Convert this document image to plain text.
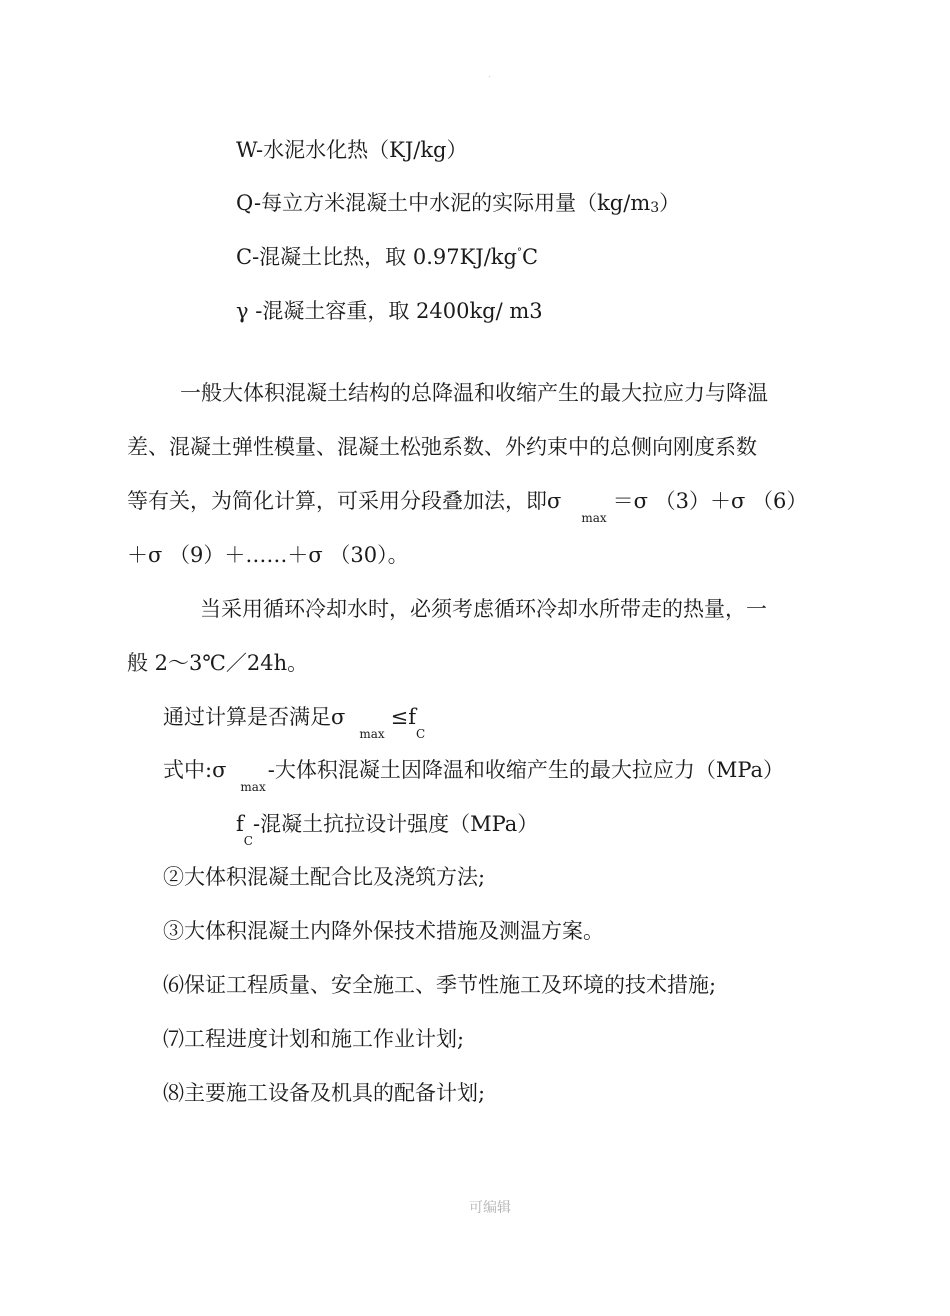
.
W-水泥水化热（KJ/kg）
Q-每立方米混凝土中水泥的实际用量（kg/m3）
C-混凝土比热，取 0.97KJ/kg°C
γ -混凝土容重，取 2400kg/ m3
一般大体积混凝土结构的总降温和收缩产生的最大拉应力与降温
差、混凝土弹性模量、混凝土松弛系数、外约束中的总侧向刚度系数
等有关，为简化计算，可采用分段叠加法，即$\sigma_{max}=\sigma$ （3）＋σ （6）
＋σ （9）＋……＋σ （30）。
当采用循环冷却水时，必须考虑循环冷却水所带走的热量，一
般 2～3℃／24h。
通过计算是否满足$\sigma_{max}\le f_C$
式中$:\sigma_{max}-$大体积混凝土因降温和收缩产生的最大拉应力（MPa）
$f_C-$混凝土抗拉设计强度（MPa）
②大体积混凝土配合比及浇筑方法;
③大体积混凝土内降外保技术措施及测温方案。
⑹保证工程质量、安全施工、季节性施工及环境的技术措施;
⑺工程进度计划和施工作业计划;
⑻主要施工设备及机具的配备计划;
可编辑
